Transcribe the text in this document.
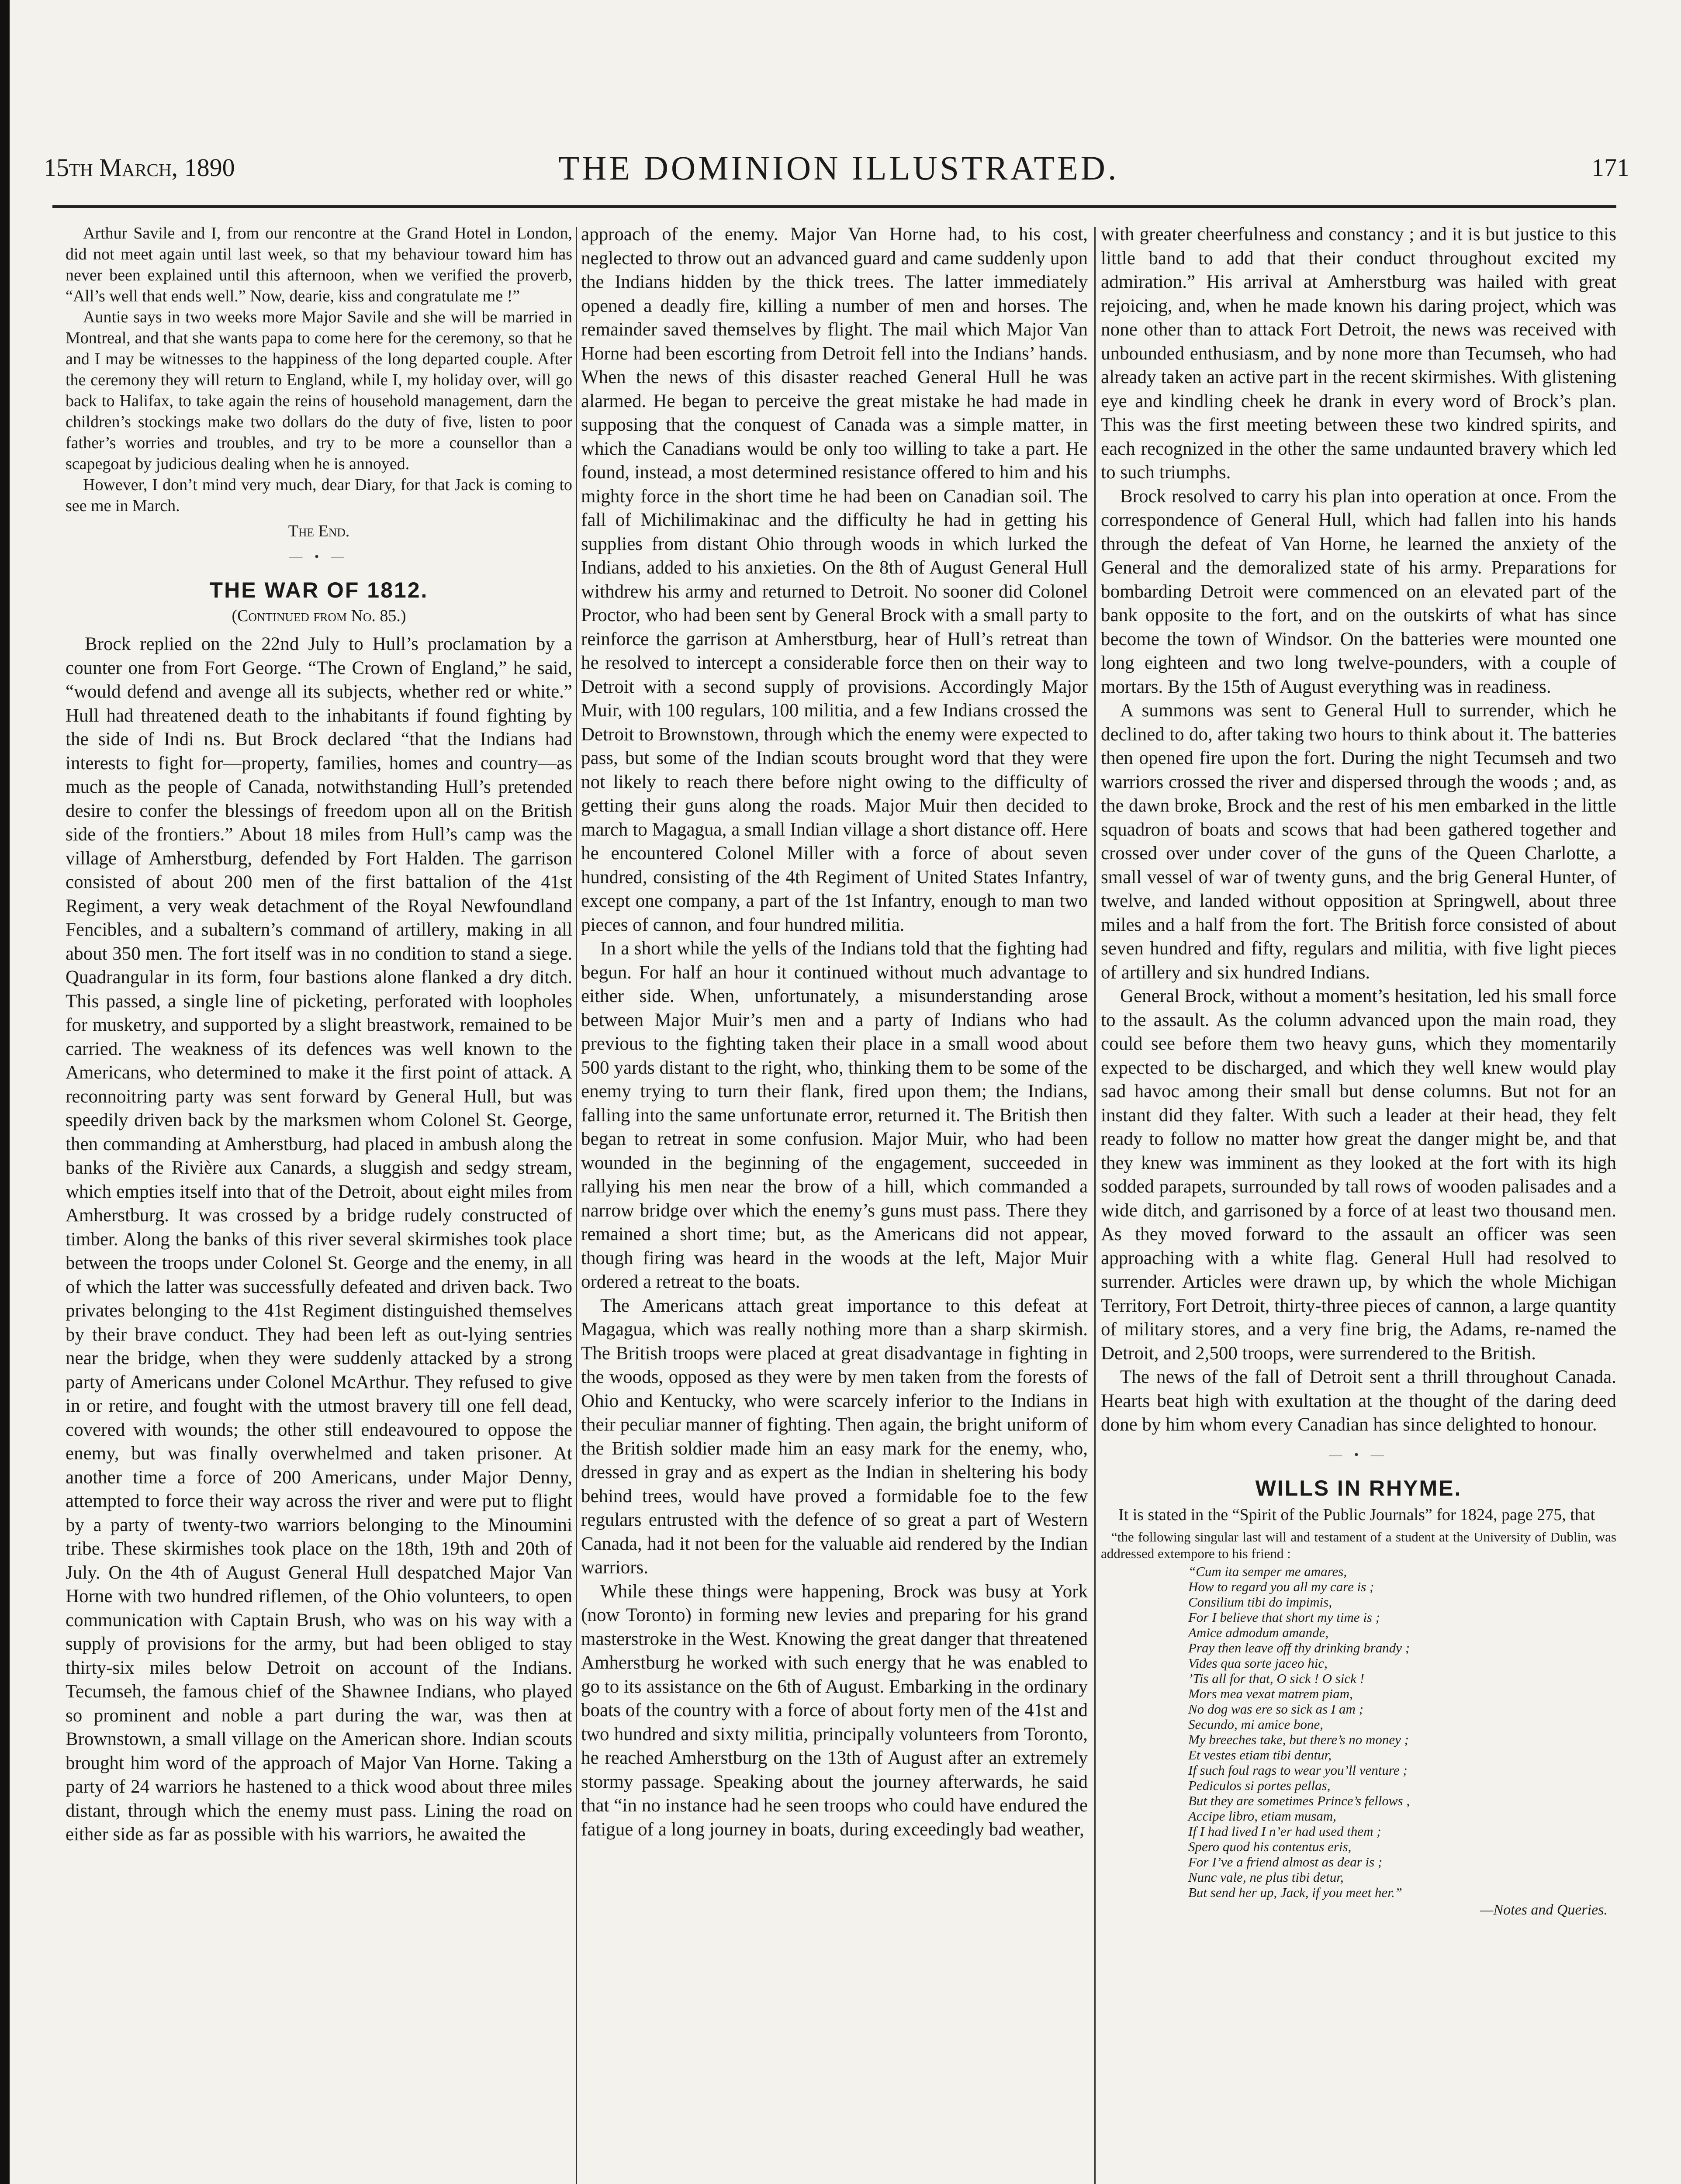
15th March, 1890	THE DOMINION ILLUSTRATED.	171

Arthur Savile and I, from our rencontre at the Grand Hotel in London, did not meet again until last week, so that my behaviour toward him has never been explained until this afternoon, when we verified the proverb, “All’s well that ends well.” Now, dearie, kiss and congratulate me !”

Auntie says in two weeks more Major Savile and she will be married in Montreal, and that she wants papa to come here for the ceremony, so that he and I may be witnesses to the happiness of the long departed couple. After the ceremony they will return to England, while I, my holiday over, will go back to Halifax, to take again the reins of household management, darn the children’s stockings make two dollars do the duty of five, listen to poor father’s worries and troubles, and try to be more a counsellor than a scapegoat by judicious dealing when he is annoyed.

However, I don’t mind very much, dear Diary, for that Jack is coming to see me in March.

The End.
— • —
THE WAR OF 1812.
(Continued from No. 85.)

Brock replied on the 22nd July to Hull’s proclamation by a counter one from Fort George. “The Crown of England,” he said, “would defend and avenge all its subjects, whether red or white.” Hull had threatened death to the inhabitants if found fighting by the side of Indi ns. But Brock declared “that the Indians had interests to fight for—property, families, homes and country—as much as the people of Canada, notwithstanding Hull’s pretended desire to confer the blessings of freedom upon all on the British side of the frontiers.” About 18 miles from Hull’s camp was the village of Amherstburg, defended by Fort Halden. The garrison consisted of about 200 men of the first battalion of the 41st Regiment, a very weak detachment of the Royal Newfoundland Fencibles, and a subaltern’s command of artillery, making in all about 350 men. The fort itself was in no condition to stand a siege. Quadrangular in its form, four bastions alone flanked a dry ditch. This passed, a single line of picketing, perforated with loopholes for musketry, and supported by a slight breastwork, remained to be carried. The weakness of its defences was well known to the Americans, who determined to make it the first point of attack. A reconnoitring party was sent forward by General Hull, but was speedily driven back by the marksmen whom Colonel St. George, then commanding at Amherstburg, had placed in ambush along the banks of the Rivière aux Canards, a sluggish and sedgy stream, which empties itself into that of the Detroit, about eight miles from Amherstburg. It was crossed by a bridge rudely constructed of timber. Along the banks of this river several skirmishes took place between the troops under Colonel St. George and the enemy, in all of which the latter was successfully defeated and driven back. Two privates belonging to the 41st Regiment distinguished themselves by their brave conduct. They had been left as out-lying sentries near the bridge, when they were suddenly attacked by a strong party of Americans under Colonel McArthur. They refused to give in or retire, and fought with the utmost bravery till one fell dead, covered with wounds; the other still endeavoured to oppose the enemy, but was finally overwhelmed and taken prisoner. At another time a force of 200 Americans, under Major Denny, attempted to force their way across the river and were put to flight by a party of twenty-two warriors belonging to the Minoumini tribe. These skirmishes took place on the 18th, 19th and 20th of July. On the 4th of August General Hull despatched Major Van Horne with two hundred riflemen, of the Ohio volunteers, to open communication with Captain Brush, who was on his way with a supply of provisions for the army, but had been obliged to stay thirty-six miles below Detroit on account of the Indians. Tecumseh, the famous chief of the Shawnee Indians, who played so prominent and noble a part during the war, was then at Brownstown, a small village on the American shore. Indian scouts brought him word of the approach of Major Van Horne. Taking a party of 24 warriors he hastened to a thick wood about three miles distant, through which the enemy must pass. Lining the road on either side as far as possible with his warriors, he awaited the

approach of the enemy. Major Van Horne had, to his cost, neglected to throw out an advanced guard and came suddenly upon the Indians hidden by the thick trees. The latter immediately opened a deadly fire, killing a number of men and horses. The remainder saved themselves by flight. The mail which Major Van Horne had been escorting from Detroit fell into the Indians’ hands. When the news of this disaster reached General Hull he was alarmed. He began to perceive the great mistake he had made in supposing that the conquest of Canada was a simple matter, in which the Canadians would be only too willing to take a part. He found, instead, a most determined resistance offered to him and his mighty force in the short time he had been on Canadian soil. The fall of Michilimakinac and the difficulty he had in getting his supplies from distant Ohio through woods in which lurked the Indians, added to his anxieties. On the 8th of August General Hull withdrew his army and returned to Detroit. No sooner did Colonel Proctor, who had been sent by General Brock with a small party to reinforce the garrison at Amherstburg, hear of Hull’s retreat than he resolved to intercept a considerable force then on their way to Detroit with a second supply of provisions. Accordingly Major Muir, with 100 regulars, 100 militia, and a few Indians crossed the Detroit to Brownstown, through which the enemy were expected to pass, but some of the Indian scouts brought word that they were not likely to reach there before night owing to the difficulty of getting their guns along the roads. Major Muir then decided to march to Magagua, a small Indian village a short distance off. Here he encountered Colonel Miller with a force of about seven hundred, consisting of the 4th Regiment of United States Infantry, except one company, a part of the 1st Infantry, enough to man two pieces of cannon, and four hundred militia.

In a short while the yells of the Indians told that the fighting had begun. For half an hour it continued without much advantage to either side. When, unfortunately, a misunderstanding arose between Major Muir’s men and a party of Indians who had previous to the fighting taken their place in a small wood about 500 yards distant to the right, who, thinking them to be some of the enemy trying to turn their flank, fired upon them; the Indians, falling into the same unfortunate error, returned it. The British then began to retreat in some confusion. Major Muir, who had been wounded in the beginning of the engagement, succeeded in rallying his men near the brow of a hill, which commanded a narrow bridge over which the enemy’s guns must pass. There they remained a short time; but, as the Americans did not appear, though firing was heard in the woods at the left, Major Muir ordered a retreat to the boats.

The Americans attach great importance to this defeat at Magagua, which was really nothing more than a sharp skirmish. The British troops were placed at great disadvantage in fighting in the woods, opposed as they were by men taken from the forests of Ohio and Kentucky, who were scarcely inferior to the Indians in their peculiar manner of fighting. Then again, the bright uniform of the British soldier made him an easy mark for the enemy, who, dressed in gray and as expert as the Indian in sheltering his body behind trees, would have proved a formidable foe to the few regulars entrusted with the defence of so great a part of Western Canada, had it not been for the valuable aid rendered by the Indian warriors.

While these things were happening, Brock was busy at York (now Toronto) in forming new levies and preparing for his grand masterstroke in the West. Knowing the great danger that threatened Amherstburg he worked with such energy that he was enabled to go to its assistance on the 6th of August. Embarking in the ordinary boats of the country with a force of about forty men of the 41st and two hundred and sixty militia, principally volunteers from Toronto, he reached Amherstburg on the 13th of August after an extremely stormy passage. Speaking about the journey afterwards, he said that “in no instance had he seen troops who could have endured the fatigue of a long journey in boats, during exceedingly bad weather,

with greater cheerfulness and constancy ; and it is but justice to this little band to add that their conduct throughout excited my admiration.” His arrival at Amherstburg was hailed with great rejoicing, and, when he made known his daring project, which was none other than to attack Fort Detroit, the news was received with unbounded enthusiasm, and by none more than Tecumseh, who had already taken an active part in the recent skirmishes. With glistening eye and kindling cheek he drank in every word of Brock’s plan. This was the first meeting between these two kindred spirits, and each recognized in the other the same undaunted bravery which led to such triumphs.

Brock resolved to carry his plan into operation at once. From the correspondence of General Hull, which had fallen into his hands through the defeat of Van Horne, he learned the anxiety of the General and the demoralized state of his army. Preparations for bombarding Detroit were commenced on an elevated part of the bank opposite to the fort, and on the outskirts of what has since become the town of Windsor. On the batteries were mounted one long eighteen and two long twelve-pounders, with a couple of mortars. By the 15th of August everything was in readiness.

A summons was sent to General Hull to surrender, which he declined to do, after taking two hours to think about it. The batteries then opened fire upon the fort. During the night Tecumseh and two warriors crossed the river and dispersed through the woods ; and, as the dawn broke, Brock and the rest of his men embarked in the little squadron of boats and scows that had been gathered together and crossed over under cover of the guns of the Queen Charlotte, a small vessel of war of twenty guns, and the brig General Hunter, of twelve, and landed without opposition at Springwell, about three miles and a half from the fort. The British force consisted of about seven hundred and fifty, regulars and militia, with five light pieces of artillery and six hundred Indians.

General Brock, without a moment’s hesitation, led his small force to the assault. As the column advanced upon the main road, they could see before them two heavy guns, which they momentarily expected to be discharged, and which they well knew would play sad havoc among their small but dense columns. But not for an instant did they falter. With such a leader at their head, they felt ready to follow no matter how great the danger might be, and that they knew was imminent as they looked at the fort with its high sodded parapets, surrounded by tall rows of wooden palisades and a wide ditch, and garrisoned by a force of at least two thousand men. As they moved forward to the assault an officer was seen approaching with a white flag. General Hull had resolved to surrender. Articles were drawn up, by which the whole Michigan Territory, Fort Detroit, thirty-three pieces of cannon, a large quantity of military stores, and a very fine brig, the Adams, re-named the Detroit, and 2,500 troops, were surrendered to the British.

The news of the fall of Detroit sent a thrill throughout Canada. Hearts beat high with exultation at the thought of the daring deed done by him whom every Canadian has since delighted to honour.

— • —
WILLS IN RHYME.

It is stated in the “Spirit of the Public Journals” for 1824, page 275, that

“the following singular last will and testament of a student at the University of Dublin, was addressed extempore to his friend :

“Cum ita semper me amares,
How to regard you all my care is ;
Consilium tibi do impimis,
For I believe that short my time is ;
Amice admodum amande,
Pray then leave off thy drinking brandy ;
Vides qua sorte jaceo hic,
’Tis all for that, O sick ! O sick !
Mors mea vexat matrem piam,
No dog was ere so sick as I am ;
Secundo, mi amice bone,
My breeches take, but there’s no money ;
Et vestes etiam tibi dentur,
If such foul rags to wear you’ll venture ;
Pediculos si portes pellas,
But they are sometimes Prince’s fellows ,
Accipe libro, etiam musam,
If I had lived I n’er had used them ;
Spero quod his contentus eris,
For I’ve a friend almost as dear is ;
Nunc vale, ne plus tibi detur,
But send her up, Jack, if you meet her.”
—Notes and Queries.
